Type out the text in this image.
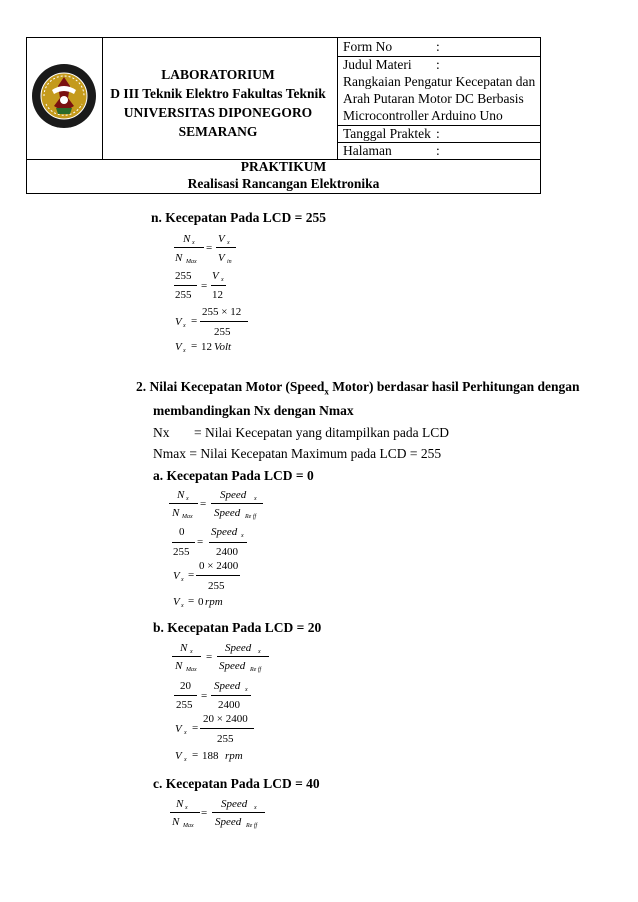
LABORATORIUM
D III Teknik Elektro Fakultas Teknik
UNIVERSITAS DIPONEGORO
SEMARANG
Form No	:
Judul Materi :
Rangkaian Pengatur Kecepatan dan
Arah Putaran Motor DC Berbasis
Microcontroller Arduino Uno
Tanggal Praktek :
Halaman	:
PRAKTIKUM
Realisasi Rancangan Elektronika
n. Kecepatan Pada LCD = 255
N x
N Max
=
V x
V in
255
255
=
V x
12
V x =
255 × 12
255
V x = 12 Volt
2. Nilai Kecepatan Motor (Speed$_x$ Motor) berdasar hasil Perhitungan dengan
membandingkan Nx dengan Nmax
Nx = Nilai Kecepatan yang ditampilkan pada LCD
Nmax = Nilai Kecepatan Maximum pada LCD = 255
a. Kecepatan Pada LCD = 0
N x
N Max
=
Speed x
Speed Re ff
0
255
=
Speed x
2400
V x =
0 × 2400
255
V x = 0 rpm
b. Kecepatan Pada LCD = 20
N x
N Max
=
Speed x
Speed Re ff
20
255
=
Speed x
2400
V x =
20 × 2400
255
V x = 188 rpm
c. Kecepatan Pada LCD = 40
N x
N Max
=
Speed x
Speed Re ff
